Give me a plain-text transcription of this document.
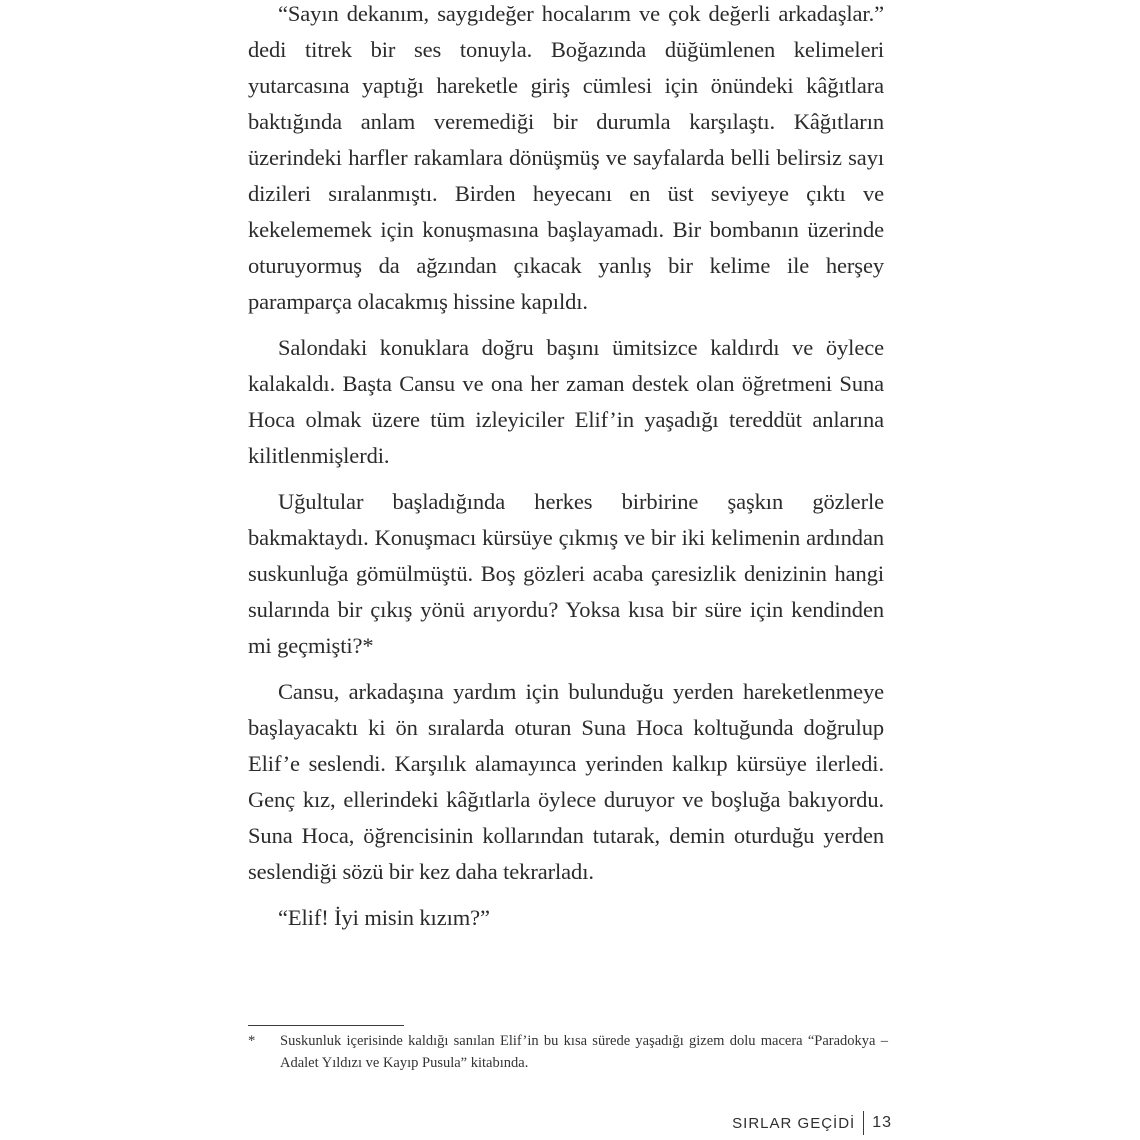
“Sayın dekanım, saygıdeğer hocalarım ve çok değerli arkadaşlar.” dedi titrek bir ses tonuyla. Boğazında düğümlenen kelimeleri yutarcasına yaptığı hareketle giriş cümlesi için önündeki kâğıtlara baktığında anlam veremediği bir durumla karşılaştı. Kâğıtların üzerindeki harfler rakamlara dönüşmüş ve sayfalarda belli belirsiz sayı dizileri sıralanmıştı. Birden heyecanı en üst seviyeye çıktı ve kekelememek için konuşmasına başlayamadı. Bir bombanın üzerinde oturuyormuş da ağzından çıkacak yanlış bir kelime ile herşey paramparça olacakmış hissine kapıldı.

Salondaki konuklara doğru başını ümitsizce kaldırdı ve öylece kalakaldı. Başta Cansu ve ona her zaman destek olan öğretmeni Suna Hoca olmak üzere tüm izleyiciler Elif’in yaşadığı tereddüt anlarına kilitlenmişlerdi.

Uğultular başladığında herkes birbirine şaşkın gözlerle bakmaktaydı. Konuşmacı kürsüye çıkmış ve bir iki kelimenin ardından suskunluğa gömülmüştü. Boş gözleri acaba çaresizlik denizinin hangi sularında bir çıkış yönü arıyordu? Yoksa kısa bir süre için kendinden mi geçmişti?*

Cansu, arkadaşına yardım için bulunduğu yerden hareketlenmeye başlayacaktı ki ön sıralarda oturan Suna Hoca koltuğunda doğrulup Elif’e seslendi. Karşılık alamayınca yerinden kalkıp kürsüye ilerledi. Genç kız, ellerindeki kâğıtlarla öylece duruyor ve boşluğa bakıyordu. Suna Hoca, öğrencisinin kollarından tutarak, demin oturduğu yerden seslendiği sözü bir kez daha tekrarladı.

“Elif! İyi misin kızım?”

*	Suskunluk içerisinde kaldığı sanılan Elif’in bu kısa sürede yaşadığı gizem dolu macera “Paradokya – Adalet Yıldızı ve Kayıp Pusula” kitabında.
SIRLAR GEÇİDİ 13
